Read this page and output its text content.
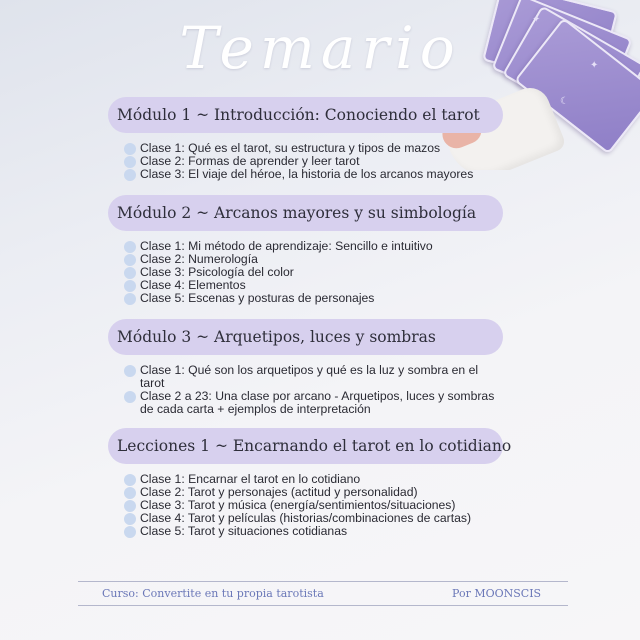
Temario	✦
✦
☾
Módulo 1 ~ Introducción: Conociendo el tarot
Clase 1: Qué es el tarot, su estructura y tipos de mazos
Clase 2: Formas de aprender y leer tarot
Clase 3: El viaje del héroe, la historia de los arcanos mayores
Módulo 2 ~ Arcanos mayores y su simbología
Clase 1: Mi método de aprendizaje: Sencillo e intuitivo
Clase 2: Numerología
Clase 3: Psicología del color
Clase 4: Elementos
Clase 5: Escenas y posturas de personajes
Módulo 3 ~ Arquetipos, luces y sombras
Clase 1: Qué son los arquetipos y qué es la luz y sombra en el tarot
Clase 2 a 23: Una clase por arcano - Arquetipos, luces y sombras de cada carta + ejemplos de interpretación
Lecciones 1 ~ Encarnando el tarot en lo cotidiano
Clase 1: Encarnar el tarot en lo cotidiano
Clase 2: Tarot y personajes (actitud y personalidad)
Clase 3: Tarot y música (energía/sentimientos/situaciones)
Clase 4: Tarot y películas (historias/combinaciones de cartas)
Clase 5: Tarot y situaciones cotidianas
Curso: Convertite en tu propia tarotista	Por MOONSCIS
